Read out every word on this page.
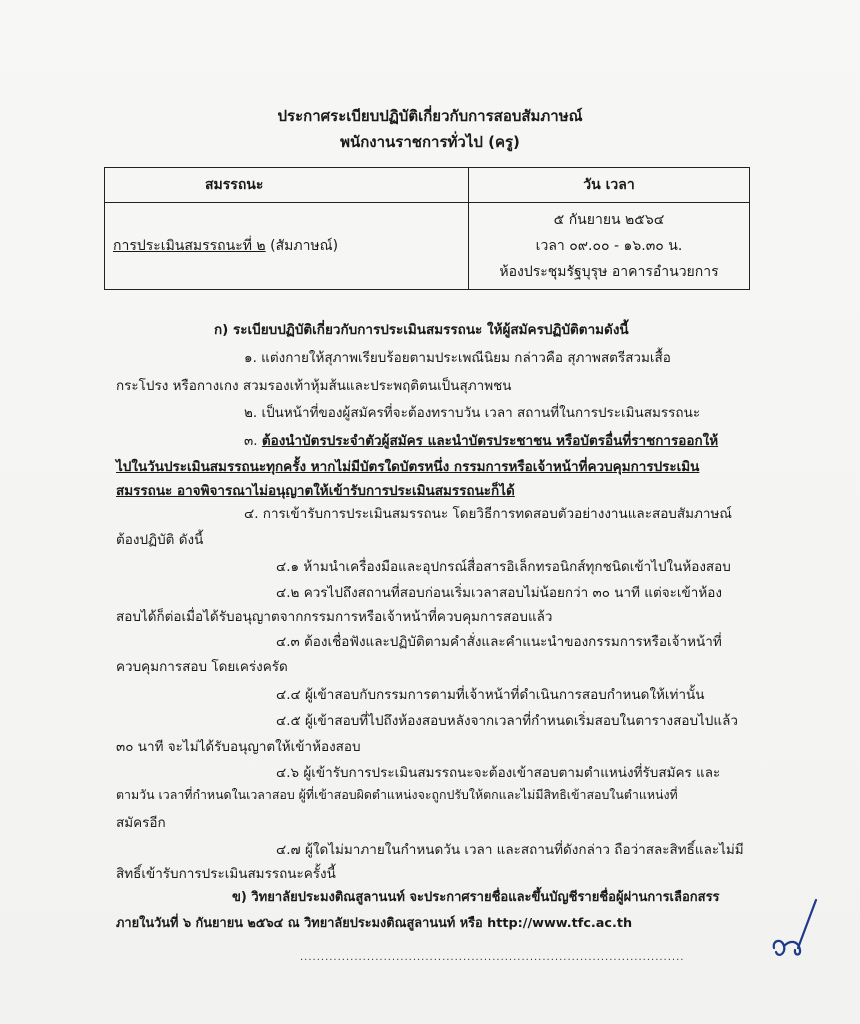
ประกาศระเบียบปฏิบัติเกี่ยวกับการสอบสัมภาษณ์
พนักงานราชการทั่วไป (ครู)
สมรรถนะ	วัน เวลา
การประเมินสมรรถนะที่ ๒ (สัมภาษณ์)	๕ กันยายน ๒๕๖๔
เวลา ๐๙.๐๐ - ๑๖.๓๐ น.
ห้องประชุมรัฐบุรุษ อาคารอำนวยการ
ก) ระเบียบปฏิบัติเกี่ยวกับการประเมินสมรรถนะ ให้ผู้สมัครปฏิบัติตามดังนี้
๑. แต่งกายให้สุภาพเรียบร้อยตามประเพณีนิยม กล่าวคือ สุภาพสตรีสวมเสื้อ
กระโปรง หรือกางเกง สวมรองเท้าหุ้มส้นและประพฤติตนเป็นสุภาพชน
๒. เป็นหน้าที่ของผู้สมัครที่จะต้องทราบวัน เวลา สถานที่ในการประเมินสมรรถนะ
๓. ต้องนำบัตรประจำตัวผู้สมัคร และนำบัตรประชาชน หรือบัตรอื่นที่ราชการออกให้
ไปในวันประเมินสมรรถนะทุกครั้ง หากไม่มีบัตรใดบัตรหนึ่ง กรรมการหรือเจ้าหน้าที่ควบคุมการประเมิน
สมรรถนะ อาจพิจารณาไม่อนุญาตให้เข้ารับการประเมินสมรรถนะก็ได้
๔. การเข้ารับการประเมินสมรรถนะ โดยวิธีการทดสอบตัวอย่างงานและสอบสัมภาษณ์
ต้องปฏิบัติ ดังนี้
๔.๑ ห้ามนำเครื่องมือและอุปกรณ์สื่อสารอิเล็กทรอนิกส์ทุกชนิดเข้าไปในห้องสอบ
๔.๒ ควรไปถึงสถานที่สอบก่อนเริ่มเวลาสอบไม่น้อยกว่า ๓๐ นาที แต่จะเข้าห้อง
สอบได้ก็ต่อเมื่อได้รับอนุญาตจากกรรมการหรือเจ้าหน้าที่ควบคุมการสอบแล้ว
๔.๓ ต้องเชื่อฟังและปฏิบัติตามคำสั่งและคำแนะนำของกรรมการหรือเจ้าหน้าที่
ควบคุมการสอบ โดยเคร่งครัด
๔.๔ ผู้เข้าสอบกับกรรมการตามที่เจ้าหน้าที่ดำเนินการสอบกำหนดให้เท่านั้น
๔.๕ ผู้เข้าสอบที่ไปถึงห้องสอบหลังจากเวลาที่กำหนดเริ่มสอบในตารางสอบไปแล้ว
๓๐ นาที จะไม่ได้รับอนุญาตให้เข้าห้องสอบ
๔.๖ ผู้เข้ารับการประเมินสมรรถนะจะต้องเข้าสอบตามตำแหน่งที่รับสมัคร และ
ตามวัน เวลาที่กำหนดในเวลาสอบ ผู้ที่เข้าสอบผิดตำแหน่งจะถูกปรับให้ตกและไม่มีสิทธิเข้าสอบในตำแหน่งที่
สมัครอีก
๔.๗ ผู้ใดไม่มาภายในกำหนดวัน เวลา และสถานที่ดังกล่าว ถือว่าสละสิทธิ์และไม่มี
สิทธิ์เข้ารับการประเมินสมรรถนะครั้งนี้
ข) วิทยาลัยประมงติณสูลานนท์ จะประกาศรายชื่อและขึ้นบัญชีรายชื่อผู้ผ่านการเลือกสรร
ภายในวันที่ ๖ กันยายน ๒๕๖๔ ณ วิทยาลัยประมงติณสูลานนท์ หรือ http://www.tfc.ac.th
............................................................................................
